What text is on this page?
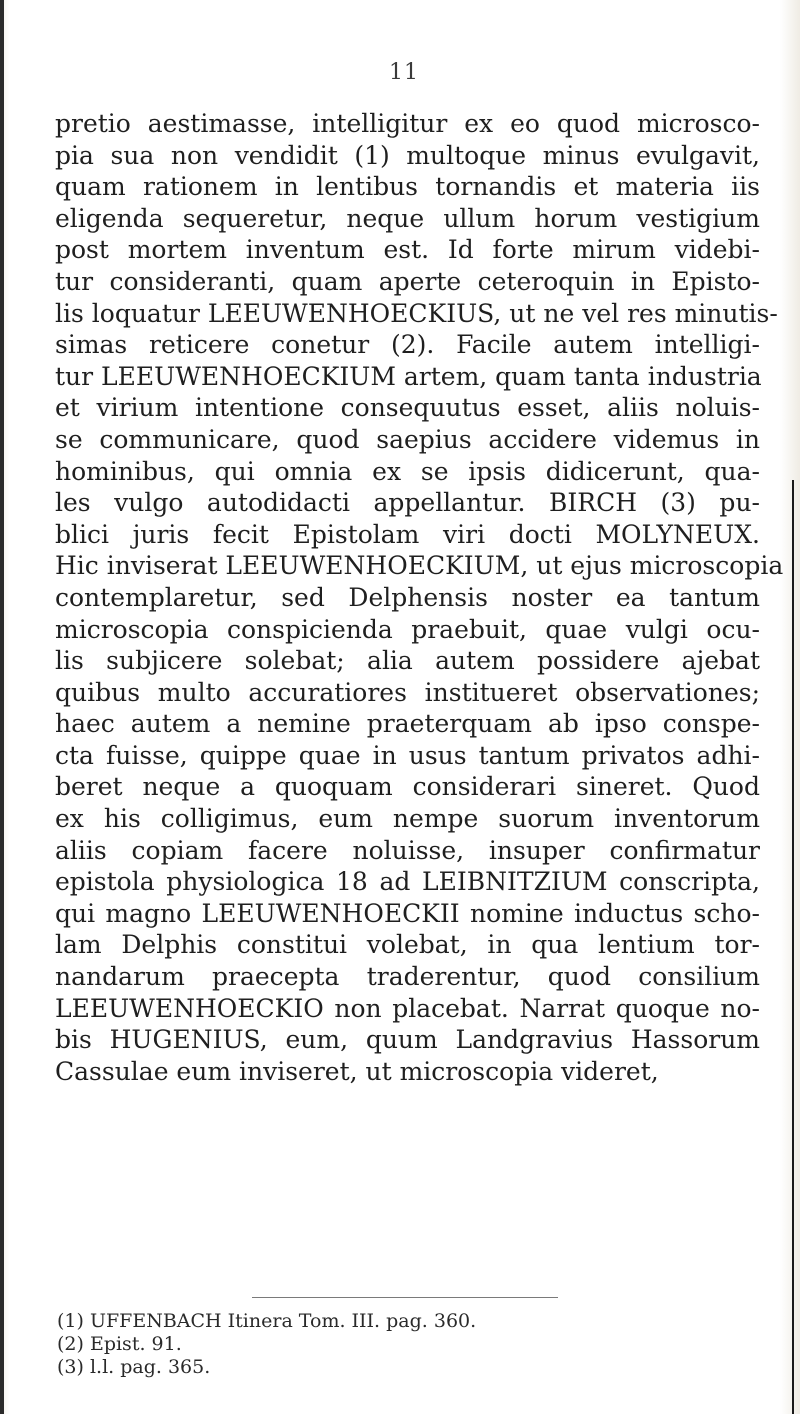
11
pretio aestimasse, intelligitur ex eo quod microsco-
pia sua non vendidit (1) multoque minus evulgavit,
quam rationem in lentibus tornandis et materia iis
eligenda sequeretur, neque ullum horum vestigium
post mortem inventum est. Id forte mirum videbi-
tur consideranti, quam aperte ceteroquin in Episto-
lis loquatur LEEUWENHOECKIUS, ut ne vel res minutis-
simas reticere conetur (2). Facile autem intelligi-
tur LEEUWENHOECKIUM artem, quam tanta industria
et virium intentione consequutus esset, aliis noluis-
se communicare, quod saepius accidere videmus in
hominibus, qui omnia ex se ipsis didicerunt, qua-
les vulgo autodidacti appellantur. BIRCH (3) pu-
blici juris fecit Epistolam viri docti MOLYNEUX.
Hic inviserat LEEUWENHOECKIUM, ut ejus microscopia
contemplaretur, sed Delphensis noster ea tantum
microscopia conspicienda praebuit, quae vulgi ocu-
lis subjicere solebat; alia autem possidere ajebat
quibus multo accuratiores institueret observationes;
haec autem a nemine praeterquam ab ipso conspe-
cta fuisse, quippe quae in usus tantum privatos adhi-
beret neque a quoquam considerari sineret. Quod
ex his colligimus, eum nempe suorum inventorum
aliis copiam facere noluisse, insuper confirmatur
epistola physiologica 18 ad LEIBNITZIUM conscripta,
qui magno LEEUWENHOECKII nomine inductus scho-
lam Delphis constitui volebat, in qua lentium tor-
nandarum praecepta traderentur, quod consilium
LEEUWENHOECKIO non placebat. Narrat quoque no-
bis HUGENIUS, eum, quum Landgravius Hassorum
Cassulae eum inviseret, ut microscopia videret,
(1) UFFENBACH Itinera Tom. III. pag. 360.
(2) Epist. 91.
(3) l.l. pag. 365.
